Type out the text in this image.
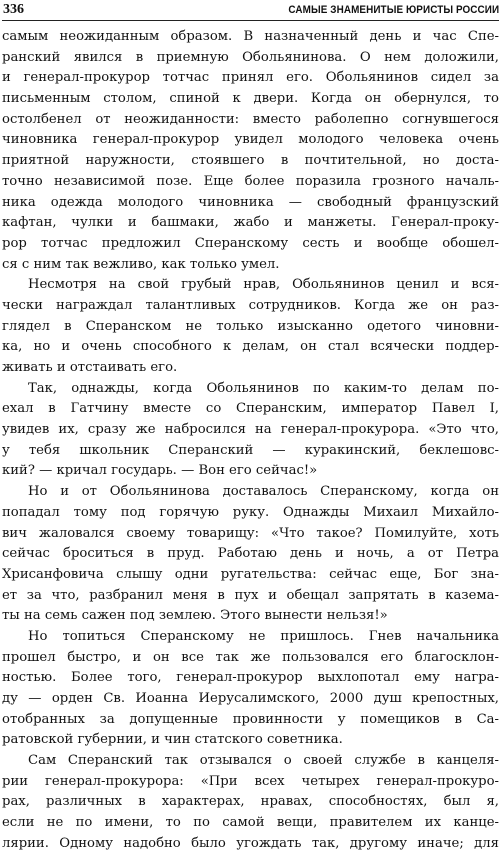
336	САМЫЕ ЗНАМЕНИТЫЕ ЮРИСТЫ РОССИИ
самым неожиданным образом. В назначенный день и час Спе-
ранский явился в приемную Обольянинова. О нем доложили,
и генерал-прокурор тотчас принял его. Обольянинов сидел за
письменным столом, спиной к двери. Когда он обернулся, то
остолбенел от неожиданности: вместо раболепно согнувшегося
чиновника генерал-прокурор увидел молодого человека очень
приятной наружности, стоявшего в почтительной, но доста-
точно независимой позе. Еще более поразила грозного началь-
ника одежда молодого чиновника — свободный французский
кафтан, чулки и башмаки, жабо и манжеты. Генерал-проку-
рор тотчас предложил Сперанскому сесть и вообще обошел-
ся с ним так вежливо, как только умел.
Несмотря на свой грубый нрав, Обольянинов ценил и вся-
чески награждал талантливых сотрудников. Когда же он раз-
глядел в Сперанском не только изысканно одетого чиновни-
ка, но и очень способного к делам, он стал всячески поддер-
живать и отстаивать его.
Так, однажды, когда Обольянинов по каким-то делам по-
ехал в Гатчину вместе со Сперанским, император Павел I,
увидев их, сразу же набросился на генерал-прокурора. «Это что,
у тебя школьник Сперанский — куракинский, беклешовс-
кий? — кричал государь. — Вон его сейчас!»
Но и от Обольянинова доставалось Сперанскому, когда он
попадал тому под горячую руку. Однажды Михаил Михайло-
вич жаловался своему товарищу: «Что такое? Помилуйте, хоть
сейчас броситься в пруд. Работаю день и ночь, а от Петра
Хрисанфовича слышу одни ругательства: сейчас еще, Бог зна-
ет за что, разбранил меня в пух и обещал запрятать в казема-
ты на семь сажен под землею. Этого вынести нельзя!»
Но топиться Сперанскому не пришлось. Гнев начальника
прошел быстро, и он все так же пользовался его благосклон-
ностью. Более того, генерал-прокурор выхлопотал ему награ-
ду — орден Св. Иоанна Иерусалимского, 2000 душ крепостных,
отобранных за допущенные провинности у помещиков в Са-
ратовской губернии, и чин статского советника.
Сам Сперанский так отзывался о своей службе в канцеля-
рии генерал-прокурора: «При всех четырех генерал-прокуро-
рах, различных в характерах, нравах, способностях, был я,
если не по имени, то по самой вещи, правителем их канце-
лярии. Одному надобно было угождать так, другому иначе; для
